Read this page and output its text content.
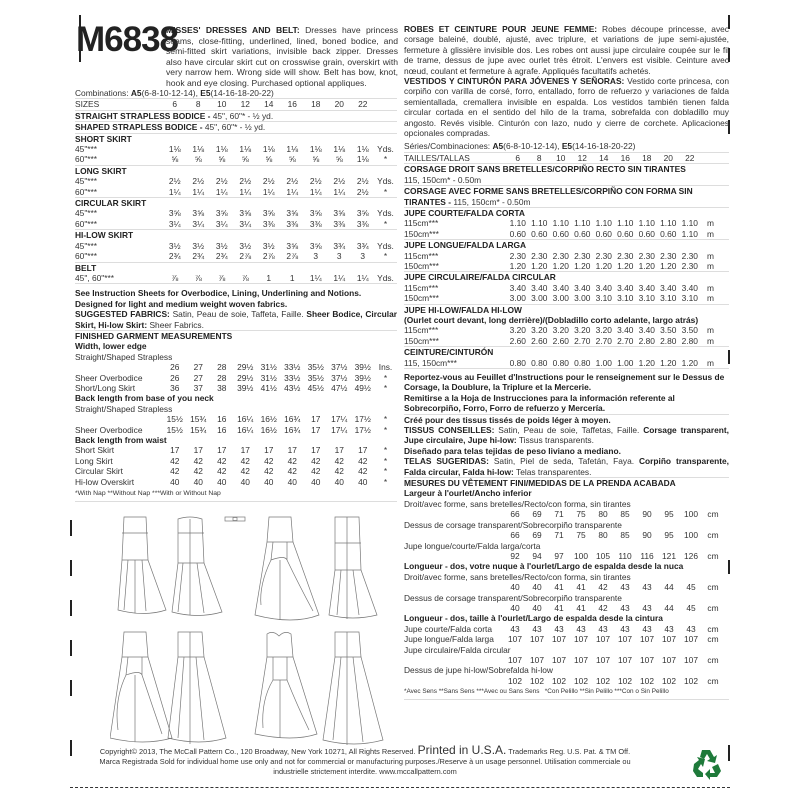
M6838
MISSES' DRESSES AND BELT: Dresses have princess seams, close-fitting, underlined, lined, boned bodice, and semi-fitted skirt variations, invisible back zipper. Dresses also have circular skirt cut on crosswise grain, overskirt with very narrow hem. Wrong side will show. Belt has bow, knot, hook and eye closing. Purchased optional appliques.
Combinations:
A5 (6-8-10-12-14),
E5 (14-16-18-20-22)
SIZES	6	8	10	12	14	16	18	20	22
STRAIGHT STRAPLESS BODICE -
45", 60"* - ½ yd.
SHAPED STRAPLESS BODICE -
45", 60"* - ½ yd.
SHORT SKIRT
45"***	1⅛	1⅛	1⅛	1⅛	1⅛	1⅛	1⅛	1⅛	1⅛	Yds.
60"***	⅝	⅝	⅝	⅝	⅝	⅝	⅝	⅝	1⅛	*
LONG SKIRT
45"***	2½	2½	2½	2½	2½	2½	2½	2½	2½	Yds.
60"***	1¼	1¼	1¼	1¼	1¼	1¼	1¼	1¼	2½	*
CIRCULAR SKIRT
45"***	3⅝	3⅝	3⅝	3⅝	3⅝	3⅝	3⅝	3⅝	3⅝	Yds.
60"***	3¼	3¼	3¼	3¼	3⅜	3⅜	3⅜	3⅜	3⅜	*
HI-LOW SKIRT
45"***	3½	3½	3½	3½	3½	3⅝	3⅝	3¾	3¾	Yds.
60"***	2¾	2¾	2¾	2⅞	2⅞	2⅞	3	3	3	*
BELT
45", 60"***	⅞	⅞	⅞	⅞	1	1	1¼	1¼	1¼	Yds.
See Instruction Sheets for Overbodice, Lining, Underlining and Notions.
Designed for light and medium weight woven fabrics.
SUGGESTED FABRICS: Satin, Peau de soie, Taffeta, Faille. Sheer Bodice, Circular Skirt, Hi-low Skirt: Sheer Fabrics.
FINISHED GARMENT MEASUREMENTS
Width, lower edge
Straight/Shaped Strapless
26	27	28	29½ 31½ 33½ 35½ 37½ 39½ Ins.
Sheer Overbodice	26	27	28	29½ 31½ 33½ 35½ 37½ 39½	*
Short/Long Skirt	36	37	38	39½ 41½ 43½ 45½ 47½ 49½	*
Back length from base of you neck
Straight/Shaped Strapless
15½ 15¾	16	16¼ 16½ 16¾	17	17¼ 17½	*
Sheer Overbodice	15½ 15¾	16	16¼ 16½ 16¾	17	17¼ 17½	*
Back length from waist
Short Skirt	17	17	17	17	17	17	17	17	17	*
Long Skirt	42	42	42	42	42	42	42	42	42	*
Circular Skirt	42	42	42	42	42	42	42	42	42	*
Hi-low Overskirt	40	40	40	40	40	40	40	40	40	*
*With Nap **Without Nap ***With or Without Nap
ROBES ET CEINTURE POUR JEUNE FEMME: Robes découpe princesse, avec corsage baleiné, doublé, ajusté, avec triplure, et variations de jupe semi-ajustée, fermeture à glissière invisible dos. Les robes ont aussi jupe circulaire coupée sur le fil de trame, dessus de jupe avec ourlet très étroit. L'envers est visible. Ceinture avec nœud, coulant et fermeture à agrafe. Appliqués facultatifs achetés.
VESTIDOS Y CINTURÓN PARA JÓVENES Y SEÑORAS: Vestido corte princesa, con corpiño con varilla de corsé, forro, entallado, forro de refuerzo y variaciones de falda semientallada, cremallera invisible en espalda. Los vestidos también tienen falda circular cortada en el sentido del hilo de la trama, sobrefalda con dobladillo muy angosto. Revés visible. Cinturón con lazo, nudo y cierre de corchete. Aplicaciones opcionales compradas.
Séries/Combinaciones:
A5 (6-8-10-12-14),
E5 (14-16-18-20-22)
TAILLES/TALLAS	6	8	10	12	14	16	18	20	22
CORSAGE DROIT SANS BRETELLES/CORPIÑO RECTO SIN TIRANTES
115, 150cm* - 0.50m
CORSAGE AVEC FORME SANS BRETELLES/CORPIÑO CON FORMA SIN TIRANTES - 115, 150cm* - 0.50m
JUPE COURTE/FALDA CORTA
115cm***	1.10 1.10 1.10 1.10 1.10 1.10 1.10 1.10 1.10	m
150cm***	0.60 0.60 0.60 0.60 0.60 0.60 0.60 0.60 1.10	m
JUPE LONGUE/FALDA LARGA
115cm***	2.30 2.30 2.30 2.30 2.30 2.30 2.30 2.30 2.30	m
150cm***	1.20 1.20 1.20 1.20 1.20 1.20 1.20 1.20 2.30	m
JUPE CIRCULAIRE/FALDA CIRCULAR
115cm***	3.40 3.40 3.40 3.40 3.40 3.40 3.40 3.40 3.40	m
150cm***	3.00 3.00 3.00 3.00 3.10 3.10 3.10 3.10 3.10	m
JUPE HI-LOW/FALDA HI-LOW
(Ourlet court devant, long derrière)/(Dobladillo corto adelante, largo atrás)
115cm***	3.20 3.20 3.20 3.20 3.20 3.40 3.40 3.50 3.50	m
150cm***	2.60 2.60 2.60 2.70 2.70 2.70 2.80 2.80 2.80	m
CEINTURE/CINTURÓN
115, 150cm***	0.80 0.80 0.80 0.80 1.00 1.00 1.20 1.20 1.20	m
Reportez-vous au Feuillet d'Instructions pour le renseignement sur le Dessus de Corsage, la Doublure, la Triplure et la Mercerie.
Remitirse a la Hoja de Instrucciones para la información referente al Sobrecorpiño, Forro, Forro de refuerzo y Mercería.
Créé pour des tissus tissés de poids léger à moyen.
TISSUS CONSEILLES: Satin, Peau de soie, Taffetas, Faille. Corsage transparent, Jupe circulaire, Jupe hi-low: Tissus transparents.
Diseñado para telas tejidas de peso liviano a mediano.
TELAS SUGERIDAS: Satin, Piel de seda, Tafetán, Faya. Corpiño transparente, Falda circular, Falda hi-low: Telas transparentes.
MESURES DU VÊTEMENT FINI/MEDIDAS DE LA PRENDA ACABADA
Largeur à l'ourlet/Ancho inferior
Droit/avec forme, sans bretelles/Recto/con forma, sin tirantes
66	69	71	75	80	85	90	95	100	cm
Dessus de corsage transparent/Sobrecorpiño transparente
66	69	71	75	80	85	90	95	100	cm
Jupe longue/courte/Falda larga/corta
92	94	97	100 105 110	116 121 126	cm
Longueur - dos, votre nuque à l'ourlet/Largo de espalda desde la nuca
Droit/avec forme, sans bretelles/Recto/con forma, sin tirantes
40	40	41	41	42	43	43	44	45	cm
Dessus de corsage transparent/Sobrecorpiño transparente
40	40	41	41	42	43	43	44	45	cm
Longueur - dos, taille à l'ourlet/Largo de espalda desde la cintura
Jupe courte/Falda corta	43	43	43	43	43	43	43	43	43	cm
Jupe longue/Falda larga	107 107 107 107 107 107 107 107 107	cm
Jupe circulaire/Falda circular
107 107 107 107 107 107 107 107 107	cm
Dessus de jupe hi-low/Sobrefalda hi-low
102 102 102 102 102 102 102 102 102	cm
*Avec Sens **Sans Sens ***Avec ou Sans Sens   *Con Pelillo **Sin Pelillo ***Con o Sin Pelillo
Copyright© 2013, The McCall Pattern Co., 120 Broadway, New York 10271, All Rights Reserved. Printed in U.S.A. Trademarks Reg. U.S. Pat. & TM Off.
Marca Registrada Sold for individual home use only and not for commercial or manufacturing purposes./Reserve à un usage personnel. Utilisation commerciale ou
industrielle strictement interdite. www.mccallpattern.com
